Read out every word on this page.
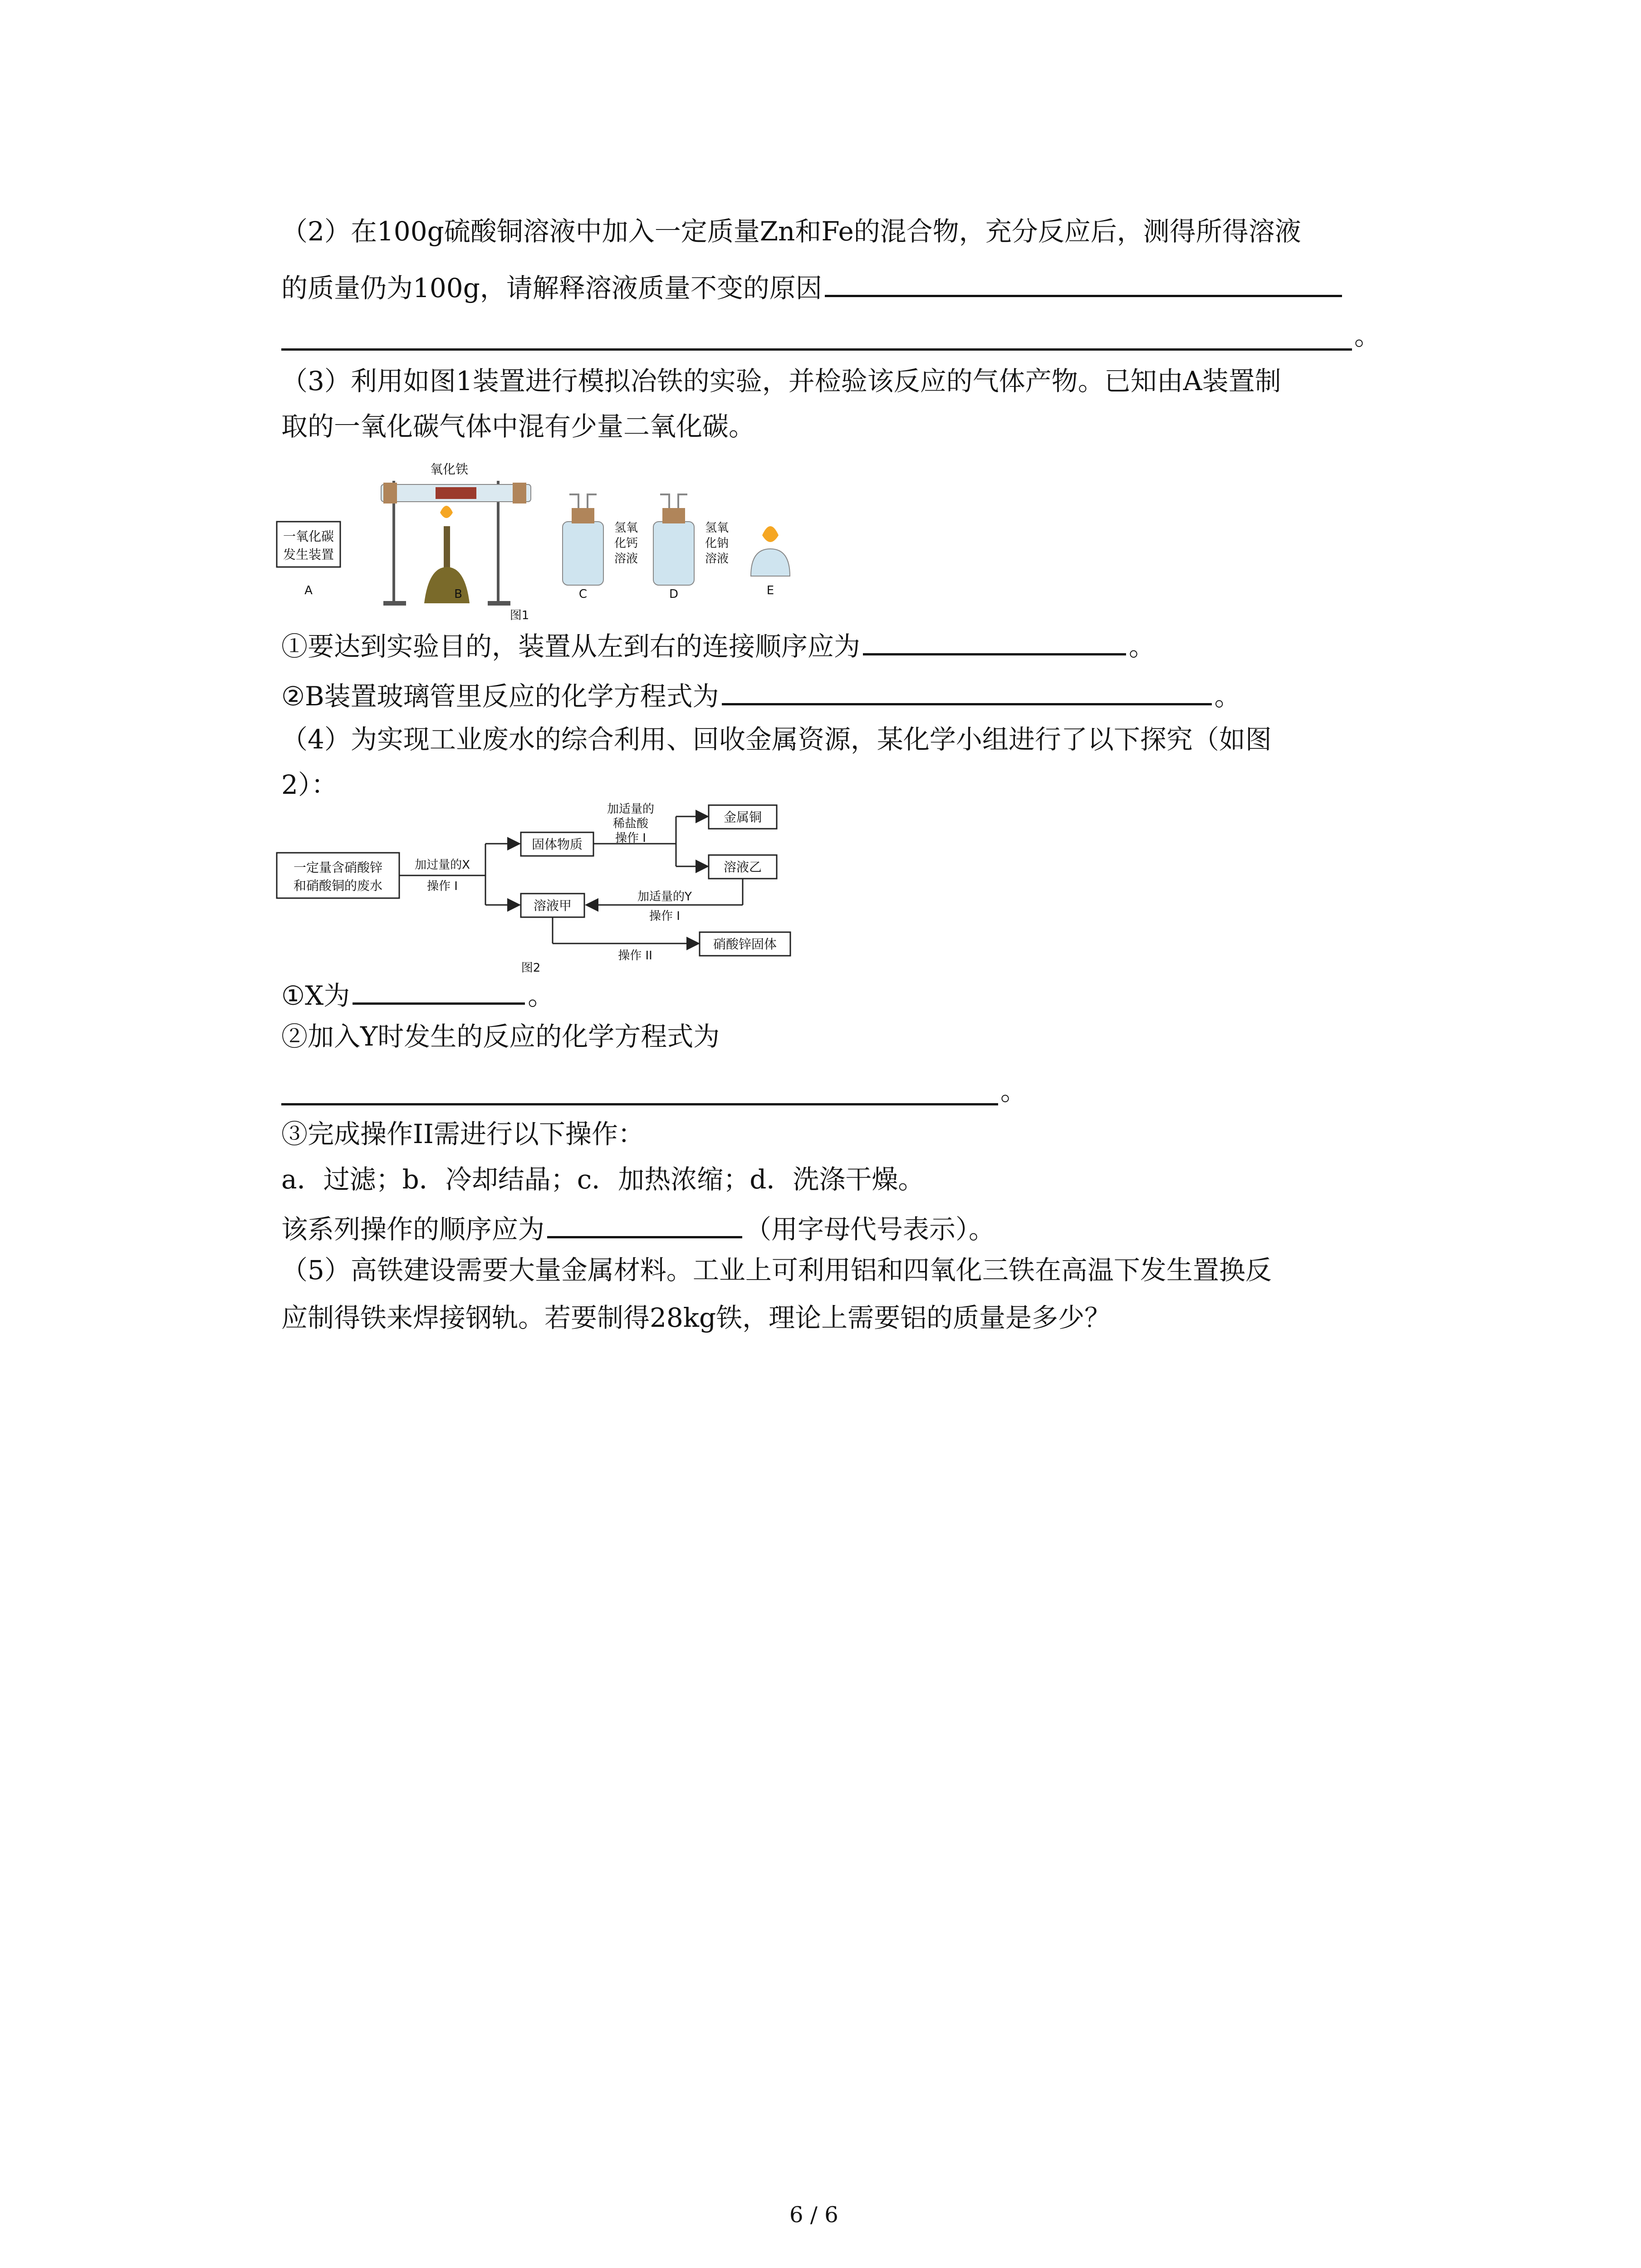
（2）在100g硫酸铜溶液中加入一定质量Zn和Fe的混合物，充分反应后，测得所得溶液
的质量仍为100g，请解释溶液质量不变的原因
。
（3）利用如图1装置进行模拟冶铁的实验，并检验该反应的气体产物。已知由A装置制
取的一氧化碳气体中混有少量二氧化碳。
一氧化碳
发生装置
A
氧化铁
B
氢氧
化钙
溶液
C
氢氧
化钠
溶液
D	E
图1
①要达到实验目的，装置从左到右的连接顺序应为	。
②B装置玻璃管里反应的化学方程式为	。
（4）为实现工业废水的综合利用、回收金属资源，某化学小组进行了以下探究（如图
2）：
一定量含硝酸锌
和硝酸铜的废水
加过量的X
操作 I
固体物质
溶液甲
加适量的
稀盐酸
操作 I
金属铜
溶液乙
加适量的Y
操作 I
操作 II
硝酸锌固体
图2
①X为	。
②加入Y时发生的反应的化学方程式为
。
③完成操作II需进行以下操作：
a．过滤；b．冷却结晶；c．加热浓缩；d．洗涤干燥。
该系列操作的顺序应为	（用字母代号表示）。
（5）高铁建设需要大量金属材料。工业上可利用铝和四氧化三铁在高温下发生置换反
应制得铁来焊接钢轨。若要制得28kg铁，理论上需要铝的质量是多少？
6 / 6
